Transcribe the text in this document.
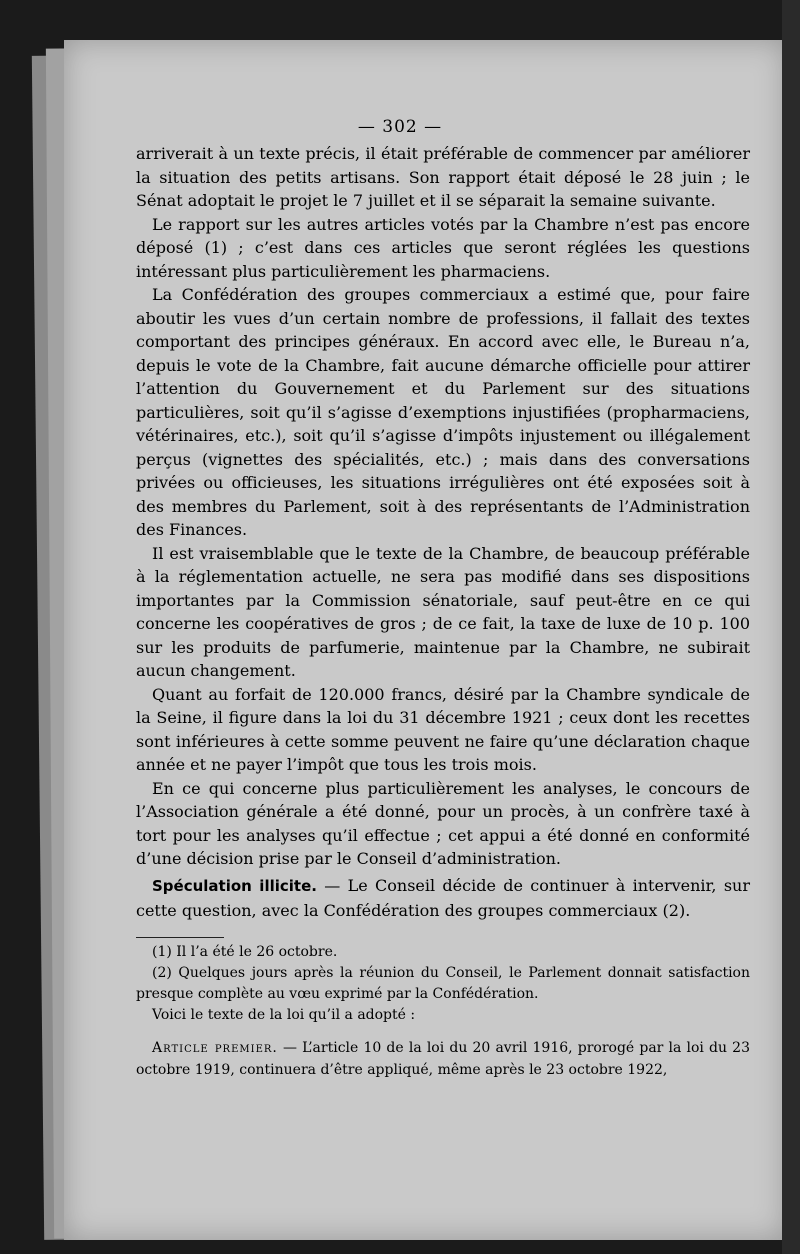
— 302 —

arriverait à un texte précis, il était préférable de commencer par améliorer la situation des petits artisans. Son rapport était déposé le 28 juin ; le Sénat adoptait le projet le 7 juillet et il se séparait la semaine suivante.

Le rapport sur les autres articles votés par la Chambre n’est pas encore déposé (1) ; c’est dans ces articles que seront réglées les questions intéressant plus particulièrement les pharmaciens.

La Confédération des groupes commerciaux a estimé que, pour faire aboutir les vues d’un certain nombre de professions, il fallait des textes comportant des principes généraux. En accord avec elle, le Bureau n’a, depuis le vote de la Chambre, fait aucune démarche officielle pour attirer l’attention du Gouvernement et du Parlement sur des situations particulières, soit qu’il s’agisse d’exemptions injustifiées (propharmaciens, vétérinaires, etc.), soit qu’il s’agisse d’impôts injustement ou illégalement perçus (vignettes des spécialités, etc.) ; mais dans des conversations privées ou officieuses, les situations irrégulières ont été exposées soit à des membres du Parlement, soit à des représentants de l’Administration des Finances.

Il est vraisemblable que le texte de la Chambre, de beaucoup préférable à la réglementation actuelle, ne sera pas modifié dans ses dispositions importantes par la Commission sénatoriale, sauf peut-être en ce qui concerne les coopératives de gros ; de ce fait, la taxe de luxe de 10 p. 100 sur les produits de parfumerie, maintenue par la Chambre, ne subirait aucun changement.

Quant au forfait de 120.000 francs, désiré par la Chambre syndicale de la Seine, il figure dans la loi du 31 décembre 1921 ; ceux dont les recettes sont inférieures à cette somme peuvent ne faire qu’une déclaration chaque année et ne payer l’impôt que tous les trois mois.

En ce qui concerne plus particulièrement les analyses, le concours de l’Association générale a été donné, pour un procès, à un confrère taxé à tort pour les analyses qu’il effectue ; cet appui a été donné en conformité d’une décision prise par le Conseil d’administration.

Spéculation illicite. — Le Conseil décide de continuer à intervenir, sur cette question, avec la Confédération des groupes commerciaux (2).

(1) Il l’a été le 26 octobre.

(2) Quelques jours après la réunion du Conseil, le Parlement donnait satisfaction presque complète au vœu exprimé par la Confédération.

Voici le texte de la loi qu’il a adopté :

Article premier. — L’article 10 de la loi du 20 avril 1916, prorogé par la loi du 23 octobre 1919, continuera d’être appliqué, même après le 23 octobre 1922,
